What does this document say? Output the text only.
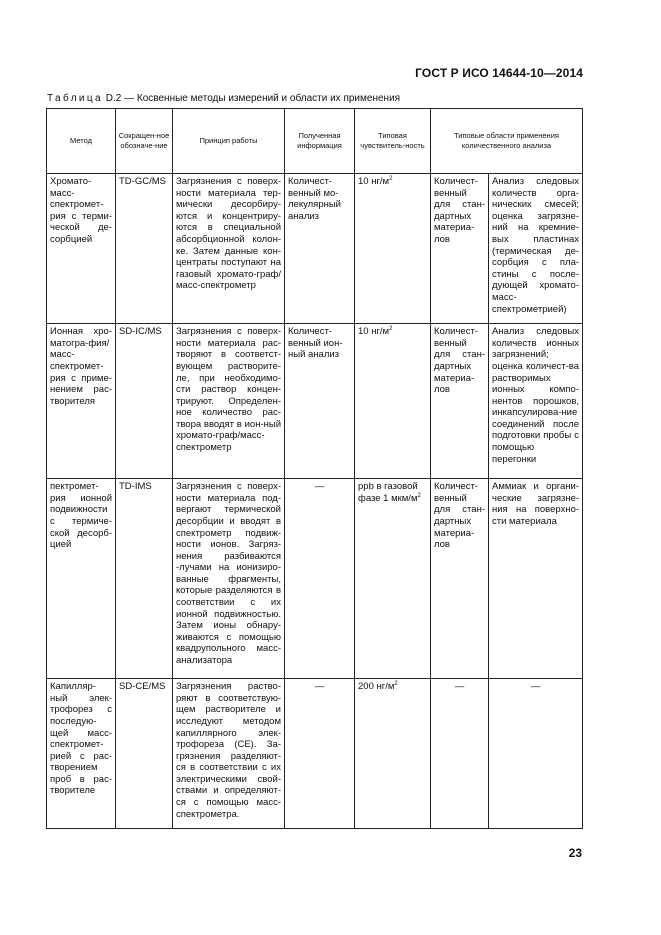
ГОСТ Р ИСО 14644-10—2014
Таблица D.2 — Косвенные методы измерений и области их применения
Метод	Сокращен-ное обозначе-ние	Принцип работы	Полученная информация	Типовая чувствитель-ность	Типовые области применения количественного анализа	
Хромато-масс-спектромет-рия с терми-ческой де-сорбцией	TD-GC/MS	Загрязнения с поверх-ности материала тер-мически десорбиру-ются и концентриру-ются в специальной абсорбционной колон-ке. Затем данные кон-центраты поступают на газовый хромато-граф/масс-спектрометр	Количест-венный мо-лекулярный анализ	10 $нг/м^2$	Количест-венный для стан-дартных материа-лов	Анализ следовых количеств орга-нических смесей; оценка загрязне-ний на кремние-вых пластинах (термическая де-сорбция с пла-стины с после-дующей хромато-масс-спектрометрией)
Ионная хро-матогра-фия/масс-спектромет-рия с приме-нением рас-творителя	SD-IC/MS	Загрязнения с поверх-ности материала рас-творяют в соответст-вующем растворите-ле, при необходимо-сти раствор концен-трируют. Определен-ное количество рас-твора вводят в ион-ный хромато-граф/масс-спектрометр	Количест-венный ион-ный анализ	10 $нг/м^2$	Количест-венный для стан-дартных материа-лов	Анализ следовых количеств ионных загрязнений; оценка количест-ва растворимых ионных компо-нентов порошков, инкапсулирова-ние соединений после подготовки пробы с помощью перегонки
пектромет-рия ионной подвижности с термиче-ской десорб-цией	TD-IMS	Загрязнения с поверх-ности материала под-вергают термической десорбции и вводят в спектрометр подвиж-ности ионов. Загряз-нения разбиваются -лучами на ионизиро-ванные фрагменты, которые разделяются в соответствии с их ионной подвижностью. Затем ионы обнару-живаются с помощью квадрупольного масс-анализатора	—	ppb в газовой фазе 1 мкм/$м^2$	Количест-венный для стан-дартных материа-лов	Аммиак и органи-ческие загрязне-ния на поверхно-сти материала
Капилляр-ный элек-трофорез с последую-щей масс-спектромет-рией с рас-творением проб в рас-творителе	SD-CE/MS	Загрязнения раство-ряют в соответствую-щем растворителе и исследуют методом капиллярного элек-трофореза (CE). За-грязнения разделяют-ся в соответствии с их электрическими свой-ствами и определяют-ся с помощью масс-спектрометра.	—	200 $нг/м^2$	—	—
23
